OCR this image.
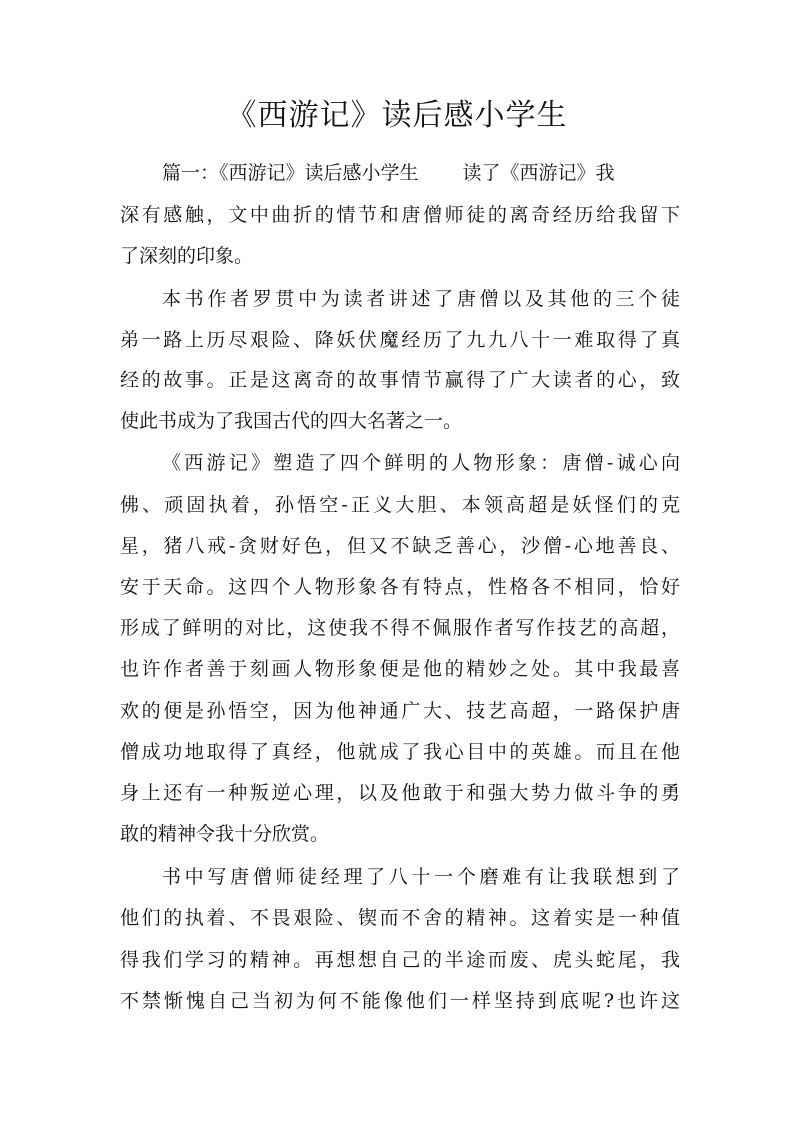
《西游记》读后感小学生
篇一：《西游记》读后感小学生 读了《西游记》我
深有感触，文中曲折的情节和唐僧师徒的离奇经历给我留下
了深刻的印象。
本书作者罗贯中为读者讲述了唐僧以及其他的三个徒
弟一路上历尽艰险、降妖伏魔经历了九九八十一难取得了真
经的故事。正是这离奇的故事情节赢得了广大读者的心，致
使此书成为了我国古代的四大名著之一。
《西游记》塑造了四个鲜明的人物形象：唐僧-诚心向
佛、顽固执着，孙悟空-正义大胆、本领高超是妖怪们的克
星，猪八戒-贪财好色，但又不缺乏善心，沙僧-心地善良、
安于天命。这四个人物形象各有特点，性格各不相同，恰好
形成了鲜明的对比，这使我不得不佩服作者写作技艺的高超，
也许作者善于刻画人物形象便是他的精妙之处。其中我最喜
欢的便是孙悟空，因为他神通广大、技艺高超，一路保护唐
僧成功地取得了真经，他就成了我心目中的英雄。而且在他
身上还有一种叛逆心理，以及他敢于和强大势力做斗争的勇
敢的精神令我十分欣赏。
书中写唐僧师徒经理了八十一个磨难有让我联想到了
他们的执着、不畏艰险、锲而不舍的精神。这着实是一种值
得我们学习的精神。再想想自己的半途而废、虎头蛇尾，我
不禁惭愧自己当初为何不能像他们一样坚持到底呢?也许这
